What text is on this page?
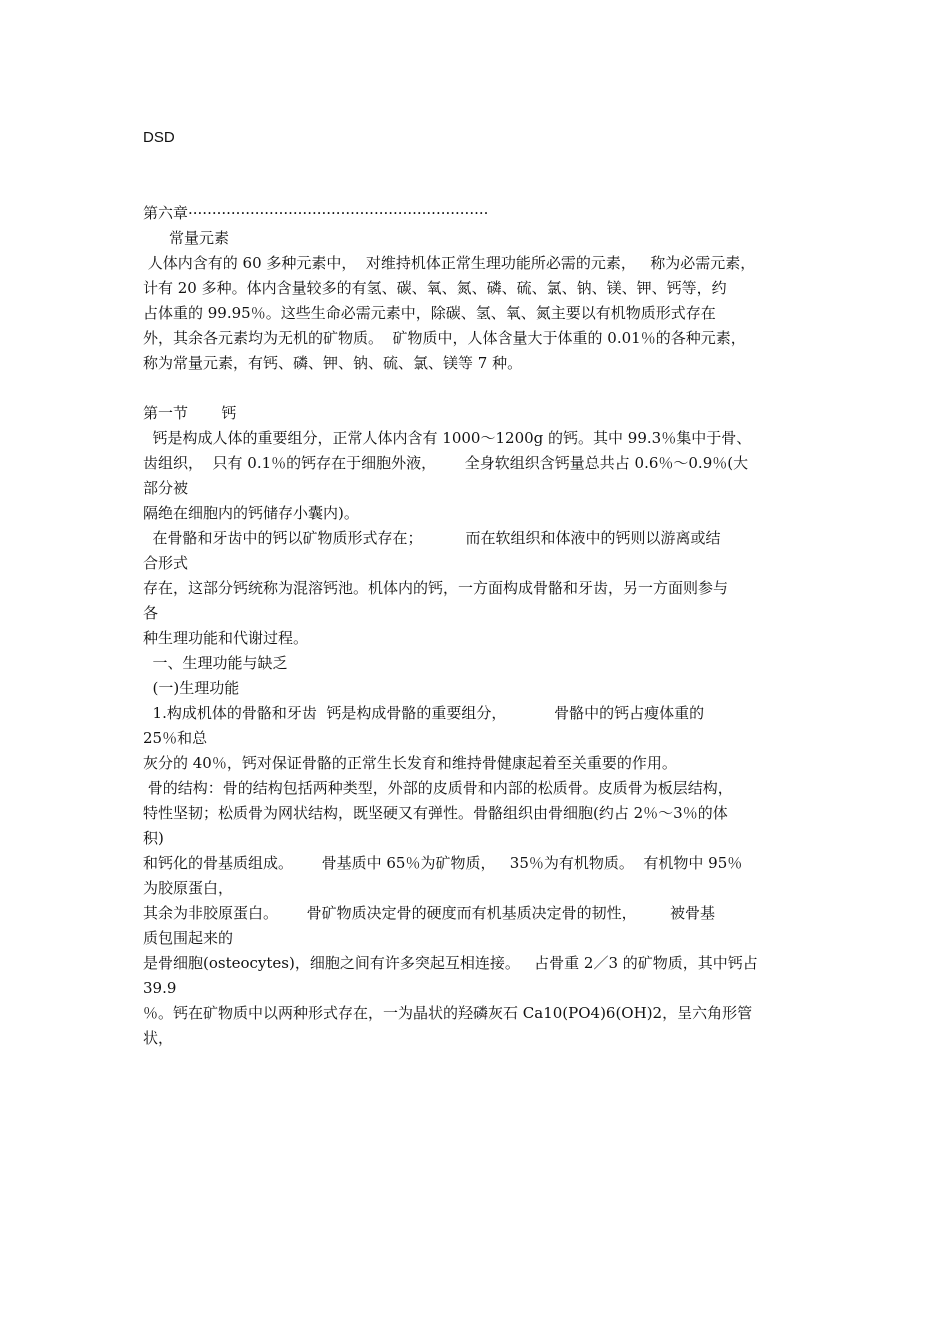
DSD
第六章·······························································
常量元素
人体内含有的 60 多种元素中，  对维持机体正常生理功能所必需的元素，   称为必需元素，
计有 20 多种。体内含量较多的有氢、碳、氧、氮、磷、硫、氯、钠、镁、钾、钙等，约
占体重的 99.95％。这些生命必需元素中，除碳、氢、氧、氮主要以有机物质形式存在
外，其余各元素均为无机的矿物质。  矿物质中，人体含量大于体重的 0.01％的各种元素，
称为常量元素，有钙、磷、钾、钠、硫、氯、镁等 7 种。
第一节       钙
钙是构成人体的重要组分，正常人体内含有 1000～1200g 的钙。其中 99.3％集中于骨、
齿组织，  只有 0.1％的钙存在于细胞外液，      全身软组织含钙量总共占 0.6％～0.9％(大
部分被
隔绝在细胞内的钙储存小囊内)。
在骨骼和牙齿中的钙以矿物质形式存在；         而在软组织和体液中的钙则以游离或结
合形式
存在，这部分钙统称为混溶钙池。机体内的钙，一方面构成骨骼和牙齿，另一方面则参与
各
种生理功能和代谢过程。
一、生理功能与缺乏
(一)生理功能
1.构成机体的骨骼和牙齿  钙是构成骨骼的重要组分，          骨骼中的钙占瘦体重的
25％和总
灰分的 40％，钙对保证骨骼的正常生长发育和维持骨健康起着至关重要的作用。
骨的结构：骨的结构包括两种类型，外部的皮质骨和内部的松质骨。皮质骨为板层结构，
特性坚韧；松质骨为网状结构，既坚硬又有弹性。骨骼组织由骨细胞(约占 2％～3％的体
积)
和钙化的骨基质组成。      骨基质中 65％为矿物质，   35％为有机物质。  有机物中 95％
为胶原蛋白，
其余为非胶原蛋白。      骨矿物质决定骨的硬度而有机基质决定骨的韧性，       被骨基
质包围起来的
是骨细胞(osteocytes)，细胞之间有许多突起互相连接。   占骨重 2／3 的矿物质，其中钙占
39.9
％。钙在矿物质中以两种形式存在，一为晶状的羟磷灰石 Ca10(PO4)6(OH)2，呈六角形管
状，
